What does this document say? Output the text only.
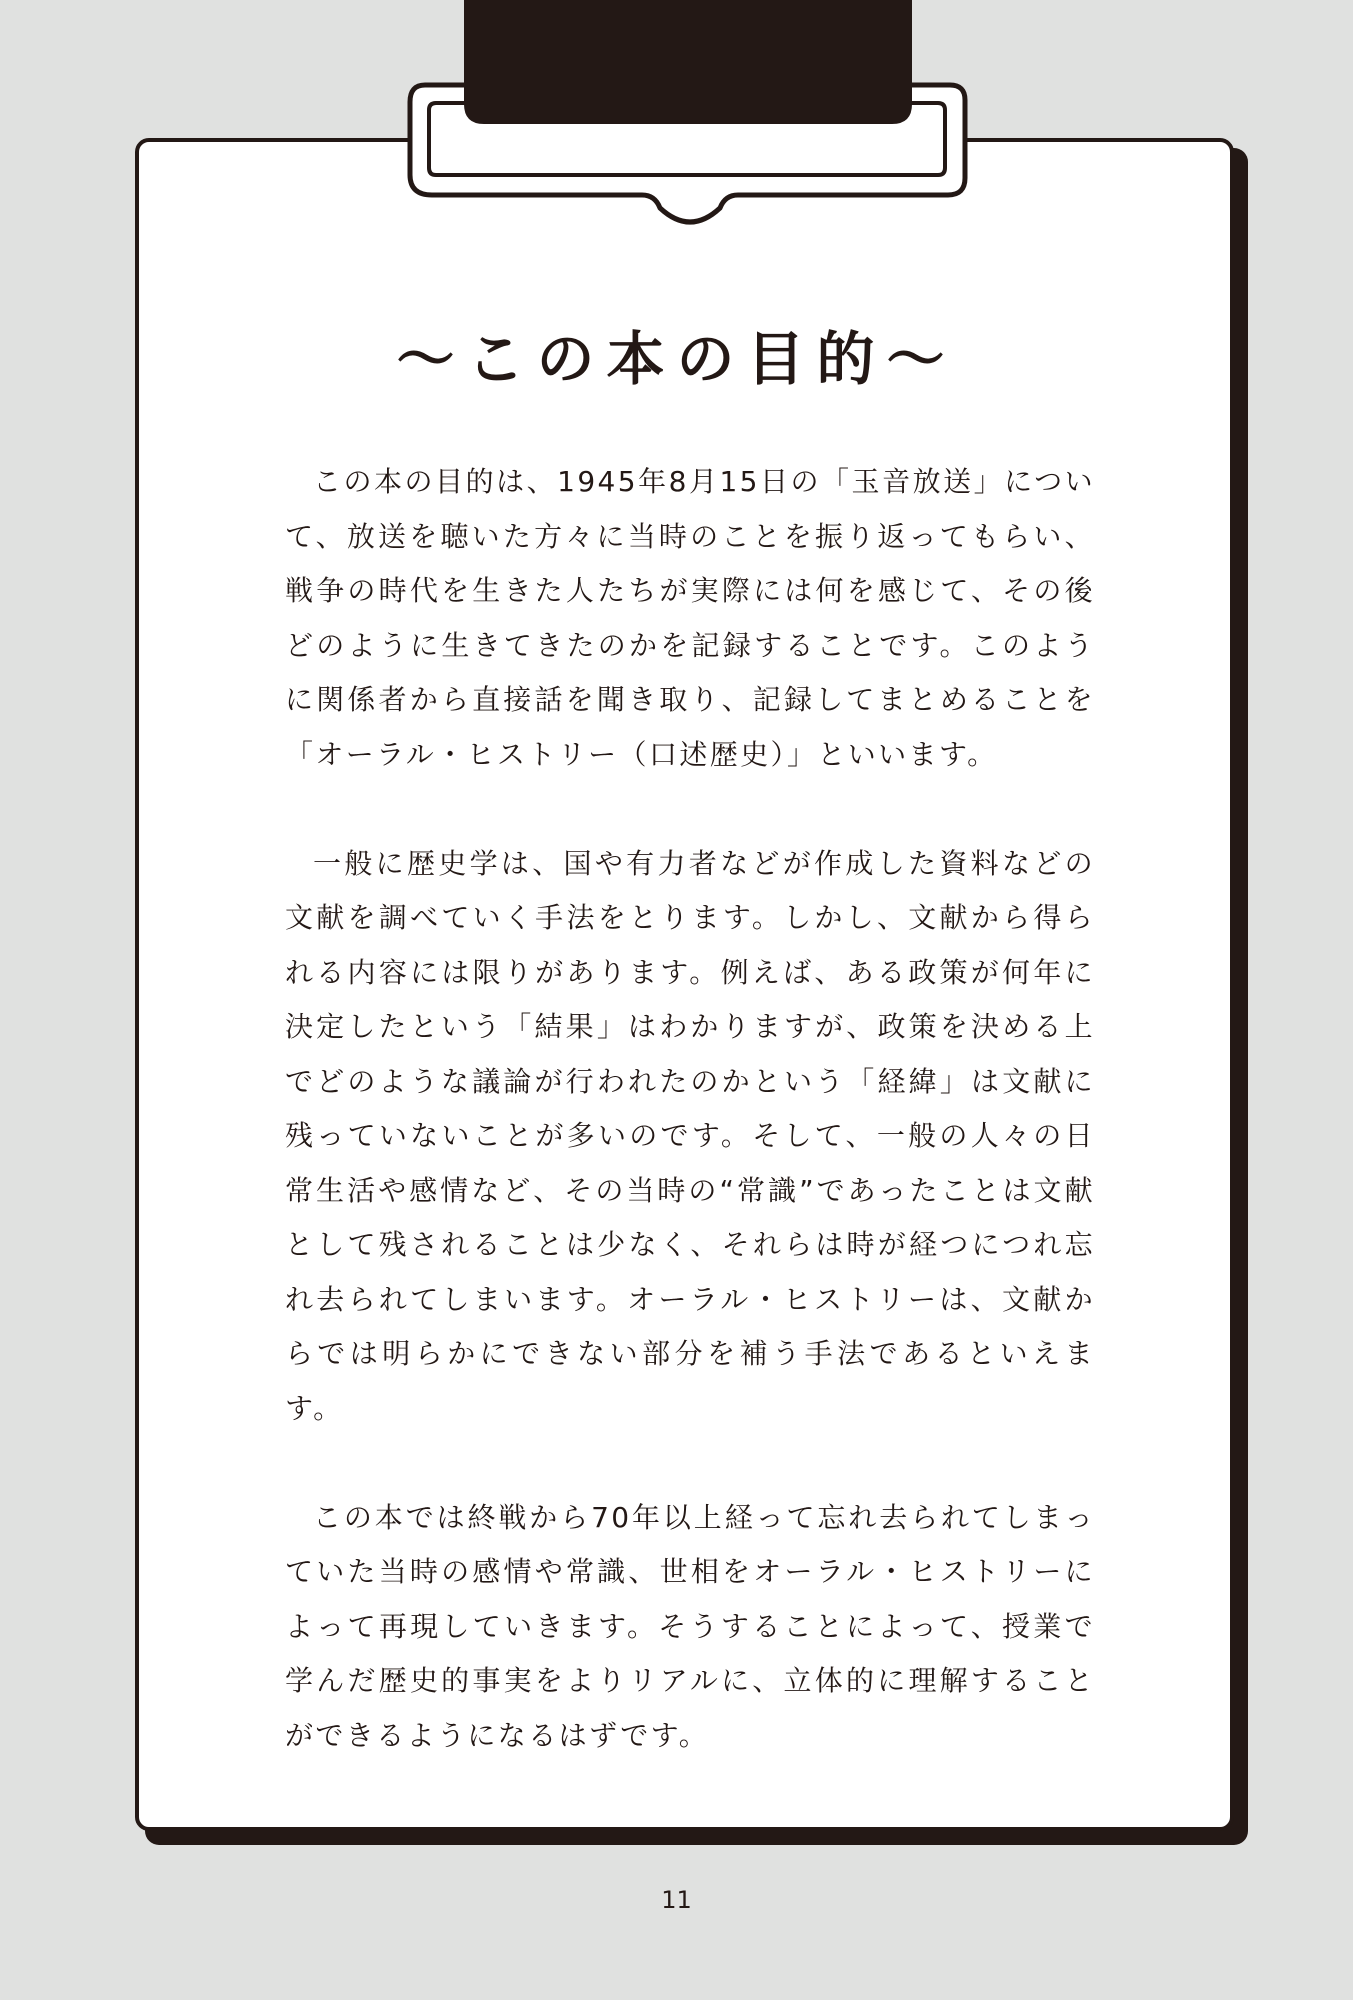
～この本の目的～

この本の目的は、1945年8月15日の「玉音放送」について、放送を聴いた方々に当時のことを振り返ってもらい、戦争の時代を生きた人たちが実際には何を感じて、その後どのように生きてきたのかを記録することです。このように関係者から直接話を聞き取り、記録してまとめることを「オーラル・ヒストリー（口述歴史）」といいます。

一般に歴史学は、国や有力者などが作成した資料などの文献を調べていく手法をとります。しかし、文献から得られる内容には限りがあります。例えば、ある政策が何年に決定したという「結果」はわかりますが、政策を決める上でどのような議論が行われたのかという「経緯」は文献に残っていないことが多いのです。そして、一般の人々の日常生活や感情など、その当時の“常識”であったことは文献として残されることは少なく、それらは時が経つにつれ忘れ去られてしまいます。オーラル・ヒストリーは、文献からでは明らかにできない部分を補う手法であるといえます。

この本では終戦から70年以上経って忘れ去られてしまっていた当時の感情や常識、世相をオーラル・ヒストリーによって再現していきます。そうすることによって、授業で学んだ歴史的事実をよりリアルに、立体的に理解することができるようになるはずです。

11
